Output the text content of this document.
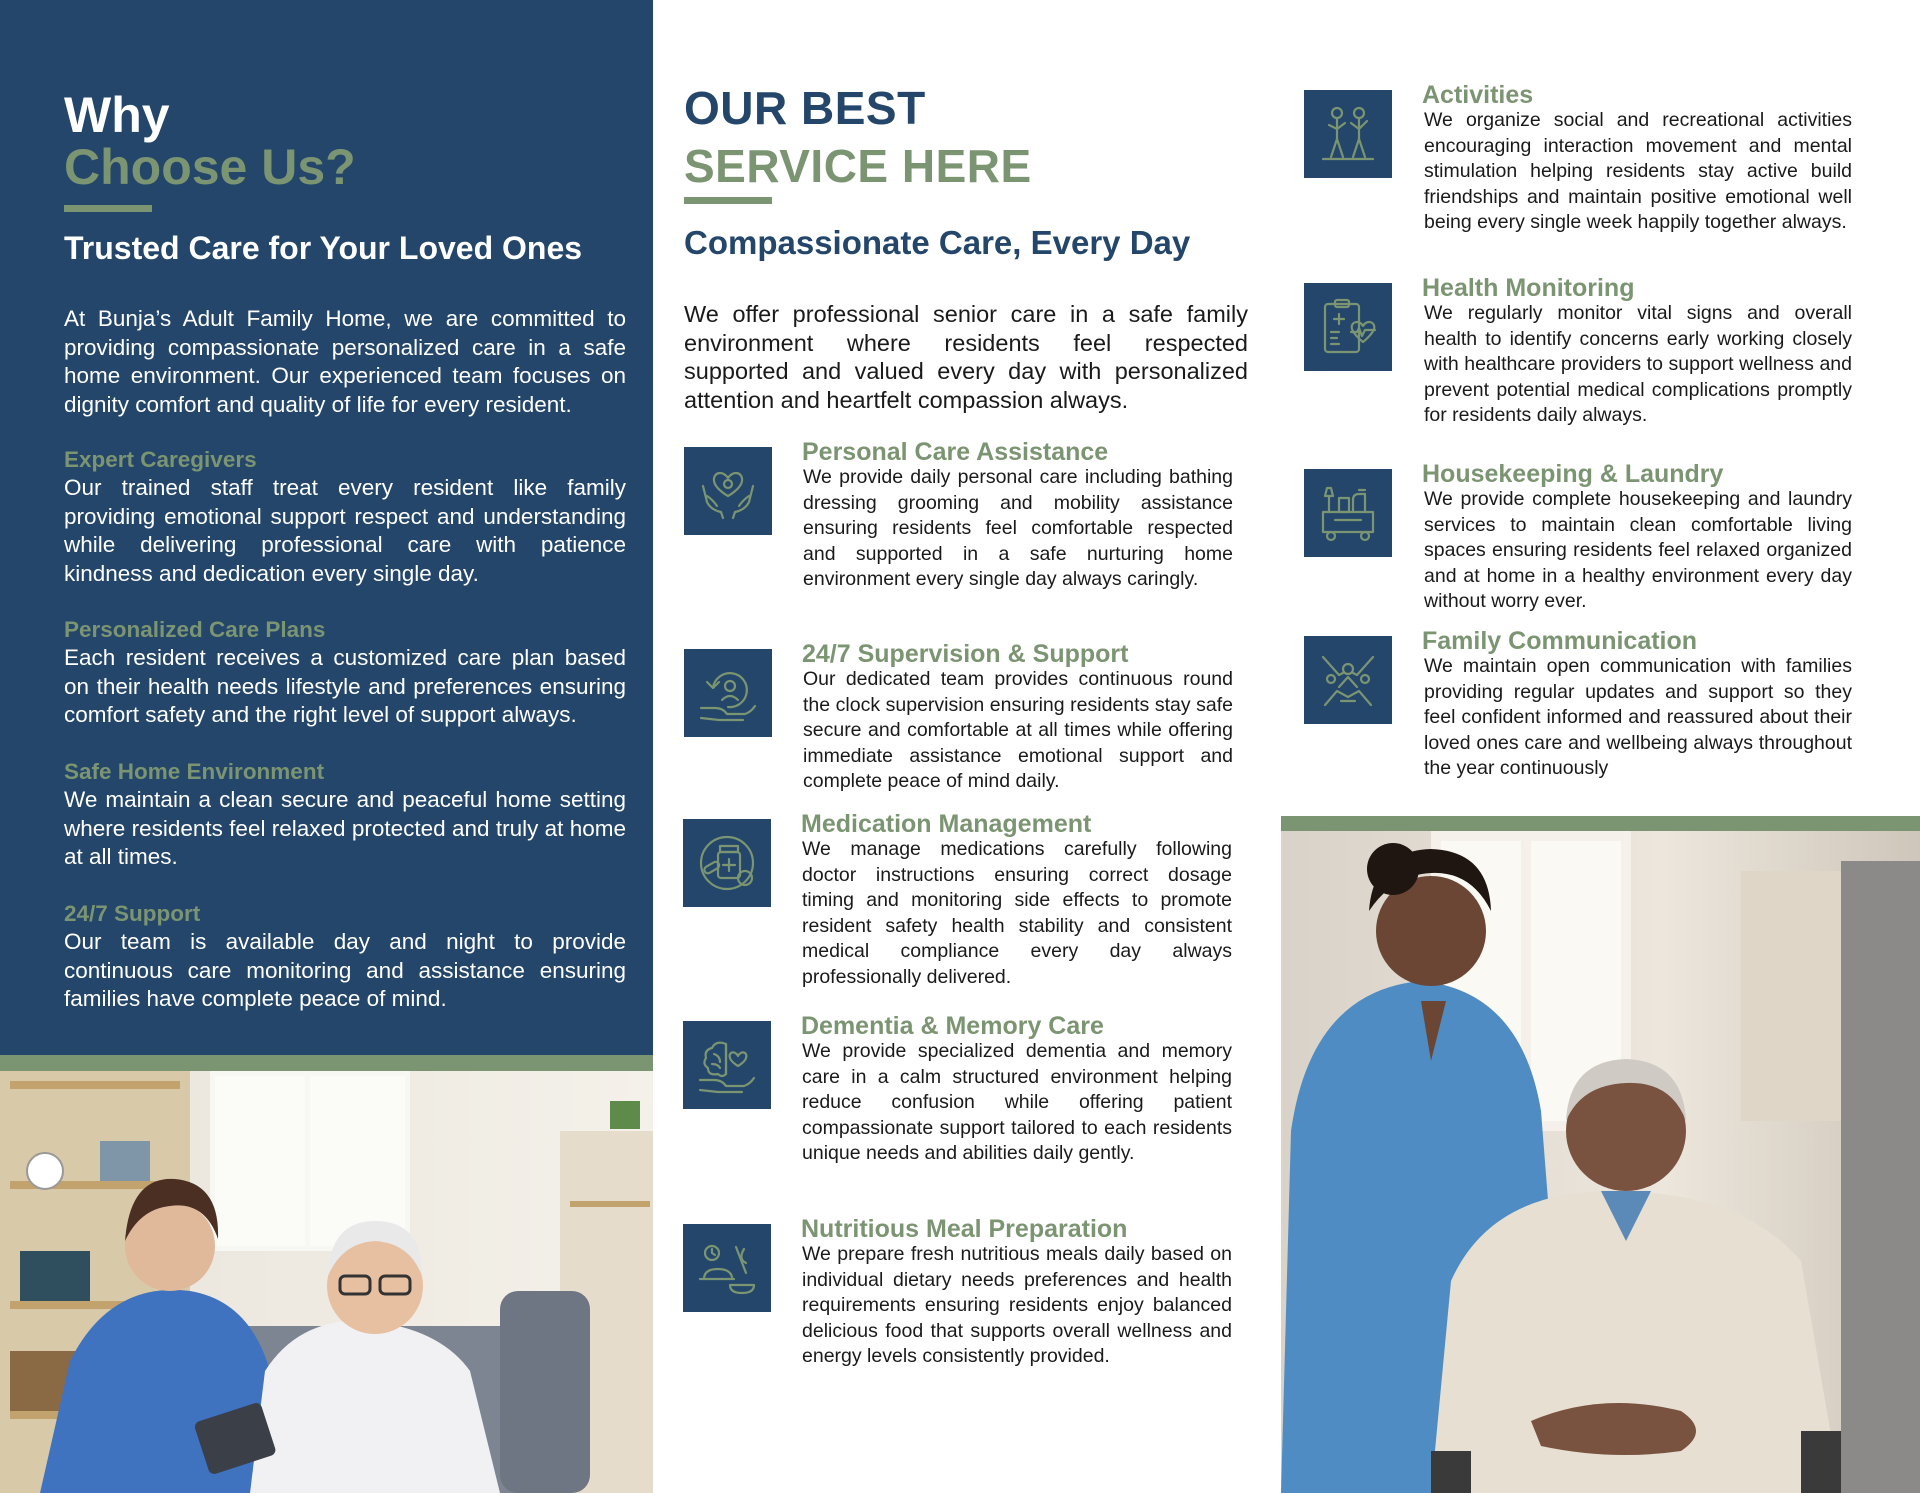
Why
Choose Us?
Trusted Care for Your Loved Ones

At Bunja’s Adult Family Home, we are committed to providing compassionate personalized care in a safe home environment. Our experienced team focuses on dignity comfort and quality of life for every resident.

Expert Caregivers

Our trained staff treat every resident like family providing emotional support respect and understanding while delivering professional care with patience kindness and dedication every single day.

Personalized Care Plans

Each resident receives a customized care plan based on their health needs lifestyle and preferences ensuring comfort safety and the right level of support always.

Safe Home Environment

We maintain a clean secure and peaceful home setting where residents feel relaxed protected and truly at home at all times.

24/7 Support

Our team is available day and night to provide continuous care monitoring and assistance ensuring families have complete peace of mind.

OUR BEST
SERVICE HERE
Compassionate Care, Every Day

We offer professional senior care in a safe family environment where residents feel respected supported and valued every day with personalized attention and heartfelt compassion always.

Personal Care Assistance

We provide daily personal care including bathing dressing grooming and mobility assistance ensuring residents feel comfortable respected and supported in a safe nurturing home environment every single day always caringly.

24/7 Supervision & Support

Our dedicated team provides continuous round the clock supervision ensuring residents stay safe secure and comfortable at all times while offering immediate assistance emotional support and complete peace of mind daily.

Medication Management

We manage medications carefully following doctor instructions ensuring correct dosage timing and monitoring side effects to promote resident safety health stability and consistent medical compliance every day always professionally delivered.

Dementia & Memory Care

We provide specialized dementia and memory care in a calm structured environment helping reduce confusion while offering patient compassionate support tailored to each residents unique needs and abilities daily gently.

Nutritious Meal Preparation

We prepare fresh nutritious meals daily based on individual dietary needs preferences and health requirements ensuring residents enjoy balanced delicious food that supports overall wellness and energy levels consistently provided.

Activities

We organize social and recreational activities encouraging interaction movement and mental stimulation helping residents stay active build friendships and maintain positive emotional well being every single week happily together always.

Health Monitoring

We regularly monitor vital signs and overall health to identify concerns early working closely with healthcare providers to support wellness and prevent potential medical complications promptly for residents daily always.

Housekeeping & Laundry

We provide complete housekeeping and laundry services to maintain clean comfortable living spaces ensuring residents feel relaxed organized and at home in a healthy environment every day without worry ever.

Family Communication

We maintain open communication with families providing regular updates and support so they feel confident informed and reassured about their loved ones care and wellbeing always throughout the year continuously
